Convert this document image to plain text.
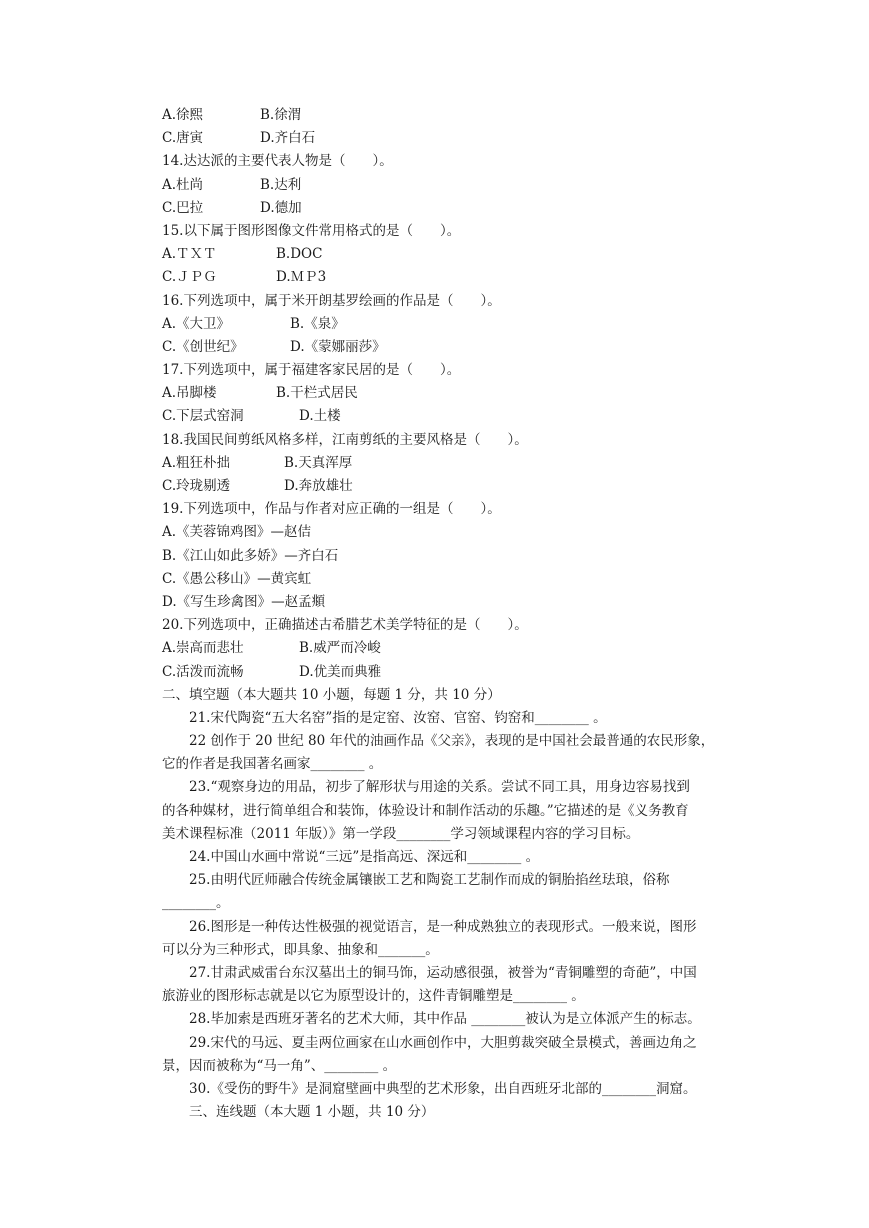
A.徐熙	B.徐渭
C.唐寅	D.齐白石
14.达达派的主要代表人物是（　　）。
A.杜尚	B.达利
C.巴拉	D.德加
15.以下属于图形图像文件常用格式的是（　　）。
A.ＴＸＴ	B.DOC
C.ＪＰＧ	D.ＭＰ3
16.下列选项中，属于米开朗基罗绘画的作品是（　　）。
A.《大卫》	B.《泉》
C.《创世纪》	D.《蒙娜丽莎》
17.下列选项中，属于福建客家民居的是（　　）。
A.吊脚楼	B.干栏式居民
C.下层式窑洞	D.土楼
18.我国民间剪纸风格多样，江南剪纸的主要风格是（　　）。
A.粗狂朴拙	B.天真浑厚
C.玲珑剔透	D.奔放雄壮
19.下列选项中，作品与作者对应正确的一组是（　　）。
A.《芙蓉锦鸡图》—赵佶
B.《江山如此多娇》—齐白石
C.《愚公移山》—黄宾虹
D.《写生珍禽图》—赵孟頫
20.下列选项中，正确描述古希腊艺术美学特征的是（　　）。
A.崇高而悲壮	B.威严而冷峻
C.活泼而流畅	D.优美而典雅
二、填空题（本大题共 10 小题，每题 1 分，共 10 分）
21.宋代陶瓷“五大名窑”指的是定窑、汝窑、官窑、钧窑和________ 。
22 创作于 20 世纪 80 年代的油画作品《父亲》，表现的是中国社会最普通的农民形象，
它的作者是我国著名画家________ 。
23.“观察身边的用品，初步了解形状与用途的关系。尝试不同工具，用身边容易找到
的各种媒材，进行简单组合和装饰，体验设计和制作活动的乐趣。”它描述的是《义务教育
美术课程标准（2011 年版）》第一学段________学习领域课程内容的学习目标。
24.中国山水画中常说“三远”是指高远、深远和________ 。
25.由明代匠师融合传统金属镶嵌工艺和陶瓷工艺制作而成的铜胎掐丝珐琅，俗称
________。
26.图形是一种传达性极强的视觉语言，是一种成熟独立的表现形式。一般来说，图形
可以分为三种形式，即具象、抽象和_______。
27.甘肃武威雷台东汉墓出土的铜马饰，运动感很强，被誉为“青铜雕塑的奇葩”，中国
旅游业的图形标志就是以它为原型设计的，这件青铜雕塑是________ 。
28.毕加索是西班牙著名的艺术大师，其中作品 ________被认为是立体派产生的标志。
29.宋代的马远、夏圭两位画家在山水画创作中，大胆剪裁突破全景模式，善画边角之
景，因而被称为“马一角”、________ 。
30.《受伤的野牛》是洞窟壁画中典型的艺术形象，出自西班牙北部的________洞窟。
三、连线题（本大题 1 小题，共 10 分）
